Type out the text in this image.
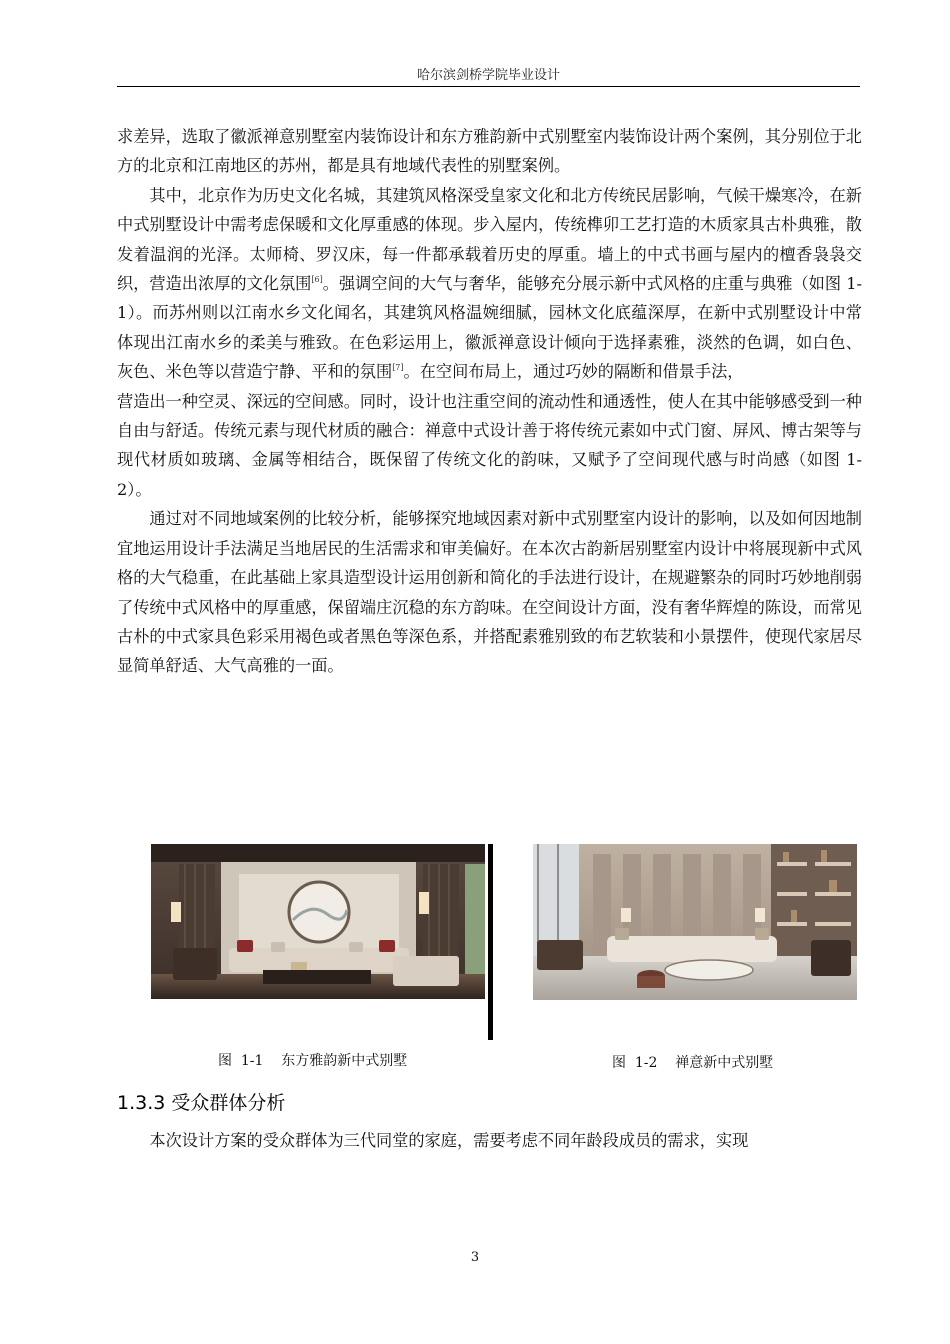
哈尔滨剑桥学院毕业设计

求差异，选取了徽派禅意别墅室内装饰设计和东方雅韵新中式别墅室内装饰设计两个案例，其分别位于北方的北京和江南地区的苏州，都是具有地域代表性的别墅案例。

其中，北京作为历史文化名城，其建筑风格深受皇家文化和北方传统民居影响，气候干燥寒冷，在新中式别墅设计中需考虑保暖和文化厚重感的体现。步入屋内，传统榫卯工艺打造的木质家具古朴典雅，散发着温润的光泽。太师椅、罗汉床，每一件都承载着历史的厚重。墙上的中式书画与屋内的檀香袅袅交织，营造出浓厚的文化氛围[6]。强调空间的大气与奢华，能够充分展示新中式风格的庄重与典雅（如图 1-1）。而苏州则以江南水乡文化闻名，其建筑风格温婉细腻，园林文化底蕴深厚，在新中式别墅设计中常体现出江南水乡的柔美与雅致。在色彩运用上，徽派禅意设计倾向于选择素雅，淡然的色调，如白色、 灰色、米色等以营造宁静、平和的氛围[7]。在空间布局上，通过巧妙的隔断和借景手法，

营造出一种空灵、深远的空间感。同时，设计也注重空间的流动性和通透性，使人在其中能够感受到一种自由与舒适。传统元素与现代材质的融合：禅意中式设计善于将传统元素如中式门窗、屏风、博古架等与现代材质如玻璃、金属等相结合，既保留了传统文化的韵味，又赋予了空间现代感与时尚感（如图 1-2）。

通过对不同地域案例的比较分析，能够探究地域因素对新中式别墅室内设计的影响，以及如何因地制宜地运用设计手法满足当地居民的生活需求和审美偏好。在本次古韵新居别墅室内设计中将展现新中式风格的大气稳重，在此基础上家具造型设计运用创新和简化的手法进行设计，在规避繁杂的同时巧妙地削弱了传统中式风格中的厚重感，保留端庄沉稳的东方韵味。在空间设计方面，没有奢华辉煌的陈设，而常见古朴的中式家具色彩采用褐色或者黑色等深色系，并搭配素雅别致的布艺软装和小景摆件，使现代家居尽显简单舒适、大气高雅的一面。

图  1-1    东方雅韵新中式别墅	图  1-2    禅意新中式别墅
1.3.3 受众群体分析
本次设计方案的受众群体为三代同堂的家庭，需要考虑不同年龄段成员的需求，实现
3
